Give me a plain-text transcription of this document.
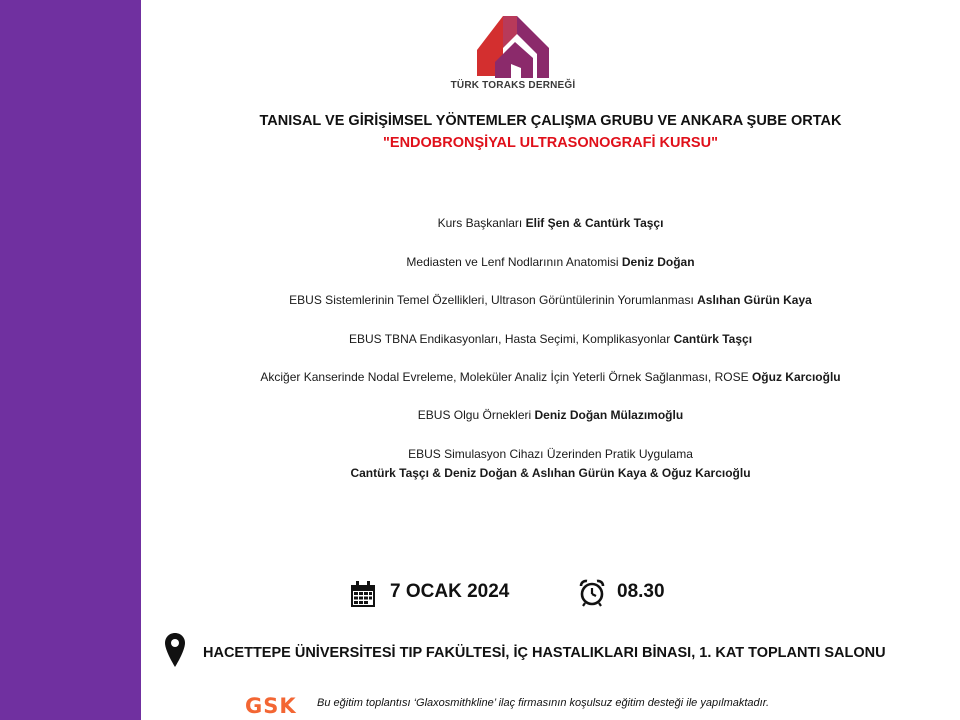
TÜRK TORAKS DERNEĞİ
TANISAL VE GİRİŞİMSEL YÖNTEMLER ÇALIŞMA GRUBU VE ANKARA ŞUBE ORTAK
"ENDOBRONŞİYAL ULTRASONOGRAFİ KURSU"
Kurs Başkanları Elif Şen & Cantürk Taşçı
Mediasten ve Lenf Nodlarının Anatomisi Deniz Doğan
EBUS Sistemlerinin Temel Özellikleri, Ultrason Görüntülerinin Yorumlanması Aslıhan Gürün Kaya
EBUS TBNA Endikasyonları, Hasta Seçimi, Komplikasyonlar Cantürk Taşçı
Akciğer Kanserinde Nodal Evreleme, Moleküler Analiz İçin Yeterli Örnek Sağlanması, ROSE Oğuz Karcıoğlu
EBUS Olgu Örnekleri Deniz Doğan Mülazımoğlu
EBUS Simulasyon Cihazı Üzerinden Pratik Uygulama
Cantürk Taşçı & Deniz Doğan & Aslıhan Gürün Kaya & Oğuz Karcıoğlu
7 OCAK 2024	08.30
HACETTEPE ÜNİVERSİTESİ TIP FAKÜLTESİ, İÇ HASTALIKLARI BİNASI, 1. KAT TOPLANTI SALONU
GSK Bu eğitim toplantısı ‘Glaxosmithkline’ ilaç firmasının koşulsuz eğitim desteği ile yapılmaktadır.
